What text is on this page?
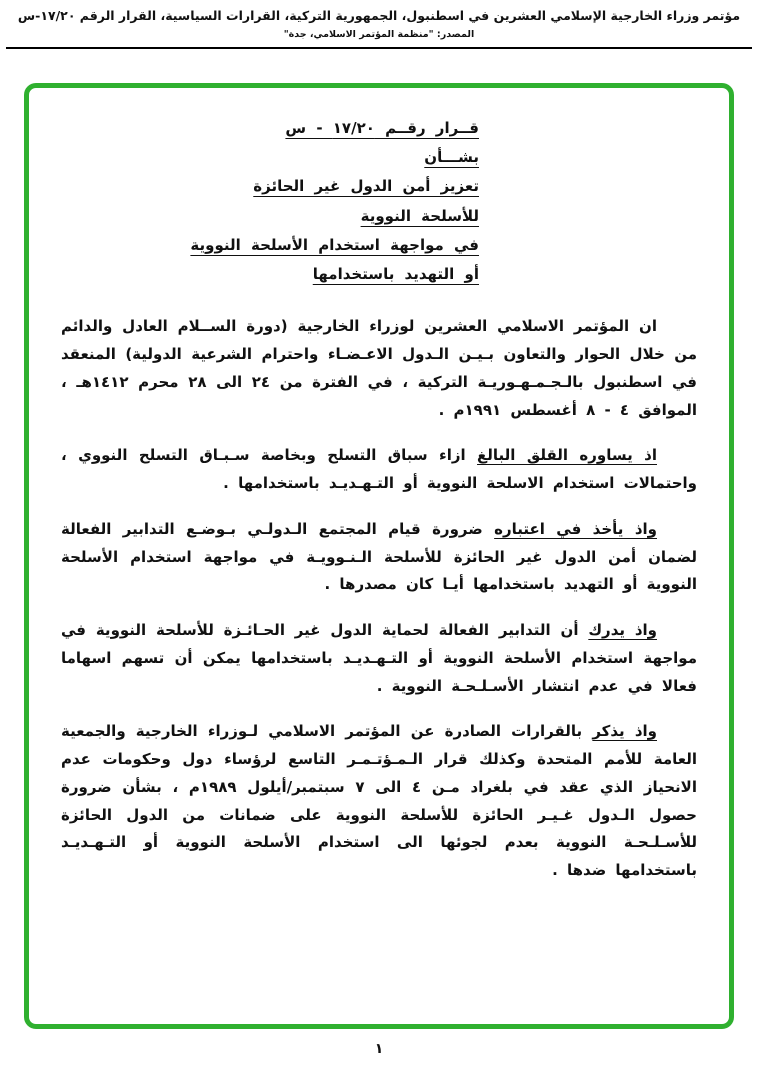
مؤتمر وزراء الخارجية الإسلامي العشرين في اسطنبول، الجمهورية التركية، القرارات السياسية، القرار الرقم ١٧/٢٠-س
المصدر: "منظمة المؤتمر الاسلامي، جدة"
قــرار رقــم ١٧/٢٠ - س
بشـــأن
تعزيز أمن الدول غير الحائزة
للأسلحة النووية
في مواجهة استخدام الأسلحة النووية
أو التهديد باستخدامها

ان المؤتمر الاسلامي العشرين لوزراء الخارجية (دورة الســلام العادل والدائم من خلال الحوار والتعاون بـيـن الـدول الاعـضـاء واحترام الشرعية الدولية) المنعقد في اسطنبول بالـجـمـهـوريـة التركية ، في الفترة من ٢٤ الى ٢٨ محرم ١٤١٢هـ ، الموافق ٤ - ٨ أغسطس ١٩٩١م .

اذ يساوره القلق البالغ ازاء سباق التسلح وبخاصة سـبـاق التسلح النووي ، واحتمالات استخدام الاسلحة النووية أو التـهـديـد باستخدامها .

واذ يأخذ في اعتباره ضرورة قيام المجتمع الـدولـي بـوضـع التدابير الفعالة لضمان أمن الدول غير الحائزة للأسلحة الـنـوويـة في مواجهة استخدام الأسلحة النووية أو التهديد باستخدامها أيـا كان مصدرها .

واذ يدرك أن التدابير الفعالة لحماية الدول غير الحـائـزة للأسلحة النووية في مواجهة استخدام الأسلحة النووية أو التـهـديـد باستخدامها يمكن أن تسهم اسهاما فعالا في عدم انتشار الأسـلـحـة النووية .

واذ يذكر بالقرارات الصادرة عن المؤتمر الاسلامي لـوزراء الخارجية والجمعية العامة للأمم المتحدة وكذلك قرار الـمـؤتـمـر التاسع لرؤساء دول وحكومات عدم الانحياز الذي عقد في بلغراد مـن ٤ الى ٧ سبتمبر/أيلول ١٩٨٩م ، بشأن ضرورة حصول الـدول غـيـر الحائزة للأسلحة النووية على ضمانات من الدول الحائزة للأسـلـحـة النووية بعدم لجوئها الى استخدام الأسلحة النووية أو التـهـديـد باستخدامها ضدها .

١
